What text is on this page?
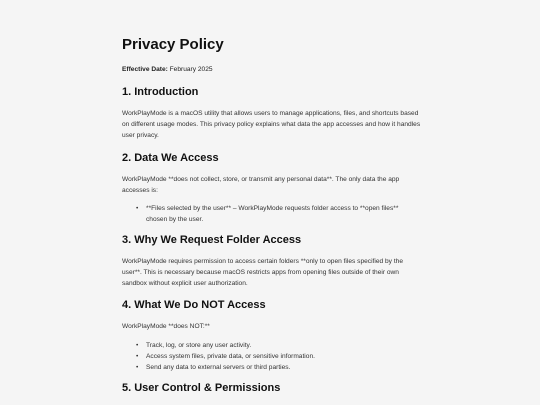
Privacy Policy
Effective Date: February 2025
1. Introduction

WorkPlayMode is a macOS utility that allows users to manage applications, files, and shortcuts based on different usage modes. This privacy policy explains what data the app accesses and how it handles user privacy.

2. Data We Access

WorkPlayMode **does not collect, store, or transmit any personal data**. The only data the app accesses is:

• **Files selected by the user** – WorkPlayMode requests folder access to **open files** chosen by the user.
3. Why We Request Folder Access

WorkPlayMode requires permission to access certain folders **only to open files specified by the user**. This is necessary because macOS restricts apps from opening files outside of their own sandbox without explicit user authorization.

4. What We Do NOT Access

WorkPlayMode **does NOT:**

• Track, log, or store any user activity.
• Access system files, private data, or sensitive information.
• Send any data to external servers or third parties.
5. User Control & Permissions
